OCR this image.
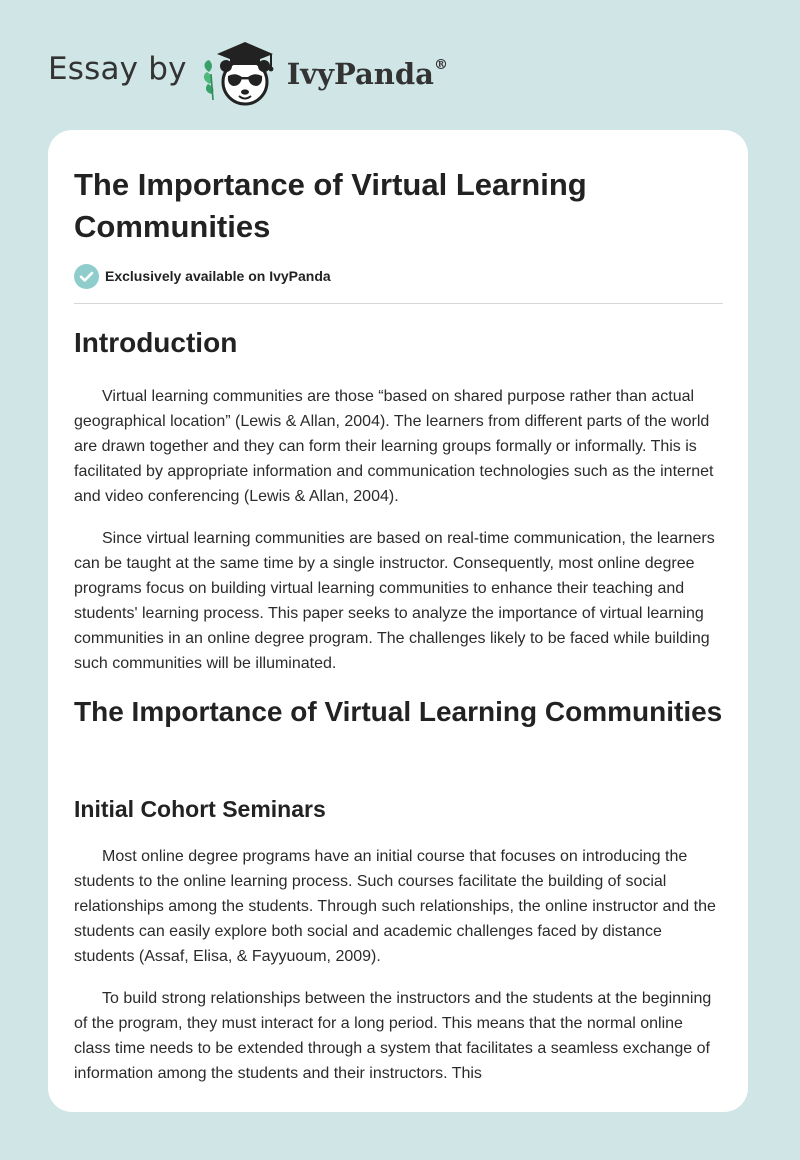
Essay by	IvyPanda®
The Importance of Virtual Learning Communities
Exclusively available on IvyPanda
Introduction

Virtual learning communities are those “based on shared purpose rather than actual geographical location” (Lewis & Allan, 2004). The learners from different parts of the world are drawn together and they can form their learning groups formally or informally. This is facilitated by appropriate information and communication technologies such as the internet and video conferencing (Lewis & Allan, 2004).

Since virtual learning communities are based on real-time communication, the learners can be taught at the same time by a single instructor. Consequently, most online degree programs focus on building virtual learning communities to enhance their teaching and students' learning process. This paper seeks to analyze the importance of virtual learning communities in an online degree program. The challenges likely to be faced while building such communities will be illuminated.

The Importance of Virtual Learning Communities
Initial Cohort Seminars

Most online degree programs have an initial course that focuses on introducing the students to the online learning process. Such courses facilitate the building of social relationships among the students. Through such relationships, the online instructor and the students can easily explore both social and academic challenges faced by distance students (Assaf, Elisa, & Fayyuoum, 2009).

To build strong relationships between the instructors and the students at the beginning of the program, they must interact for a long period. This means that the normal online class time needs to be extended through a system that facilitates a seamless exchange of information among the students and their instructors. This
